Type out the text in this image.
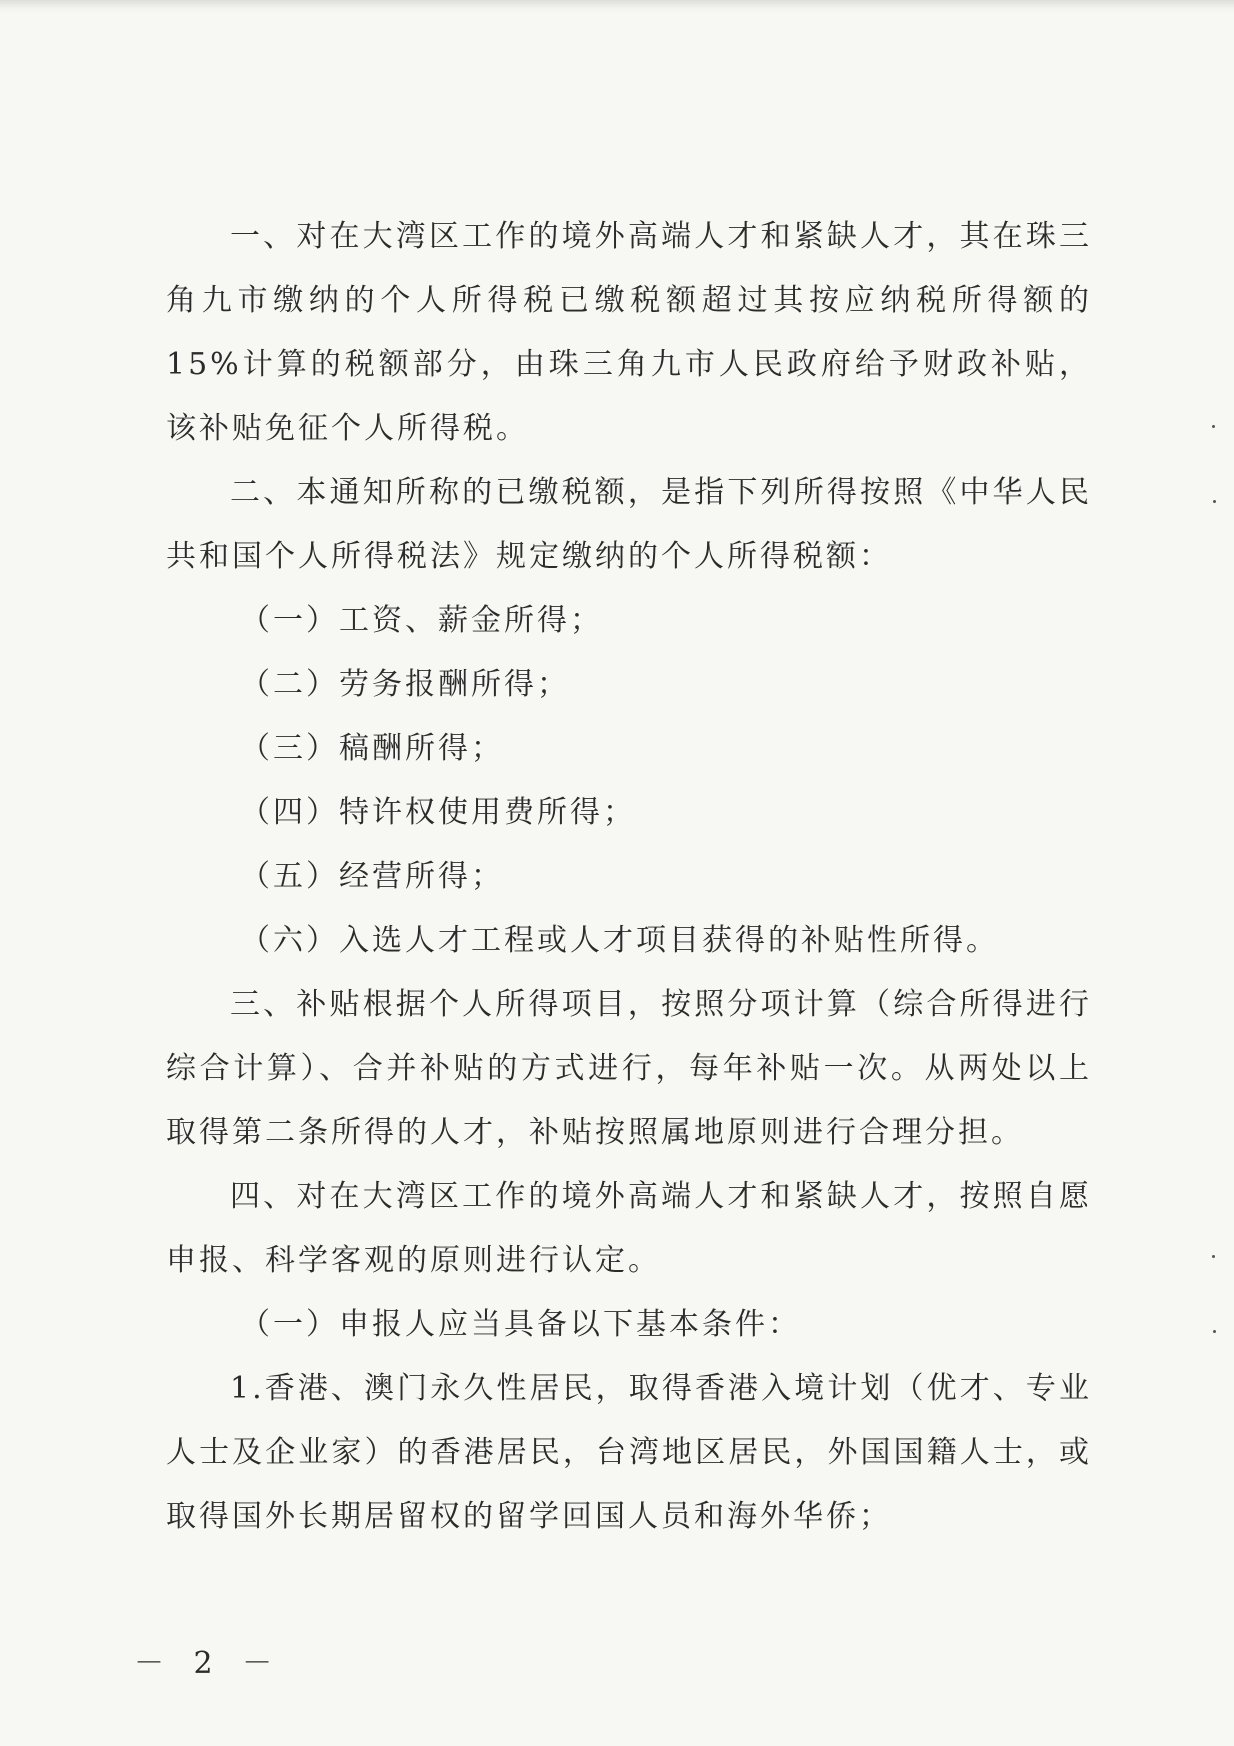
一、对在大湾区工作的境外高端人才和紧缺人才，其在珠三角九市缴纳的个人所得税已缴税额超过其按应纳税所得额的15%计算的税额部分，由珠三角九市人民政府给予财政补贴，该补贴免征个人所得税。

二、本通知所称的已缴税额，是指下列所得按照《中华人民共和国个人所得税法》规定缴纳的个人所得税额：

（一）工资、薪金所得；

（二）劳务报酬所得；

（三）稿酬所得；

（四）特许权使用费所得；

（五）经营所得；

（六）入选人才工程或人才项目获得的补贴性所得。

三、补贴根据个人所得项目，按照分项计算（综合所得进行综合计算）、合并补贴的方式进行，每年补贴一次。从两处以上取得第二条所得的人才，补贴按照属地原则进行合理分担。

四、对在大湾区工作的境外高端人才和紧缺人才，按照自愿申报、科学客观的原则进行认定。

（一）申报人应当具备以下基本条件：

1.香港、澳门永久性居民，取得香港入境计划（优才、专业人士及企业家）的香港居民，台湾地区居民，外国国籍人士，或取得国外长期居留权的留学回国人员和海外华侨；

－ 2 －
